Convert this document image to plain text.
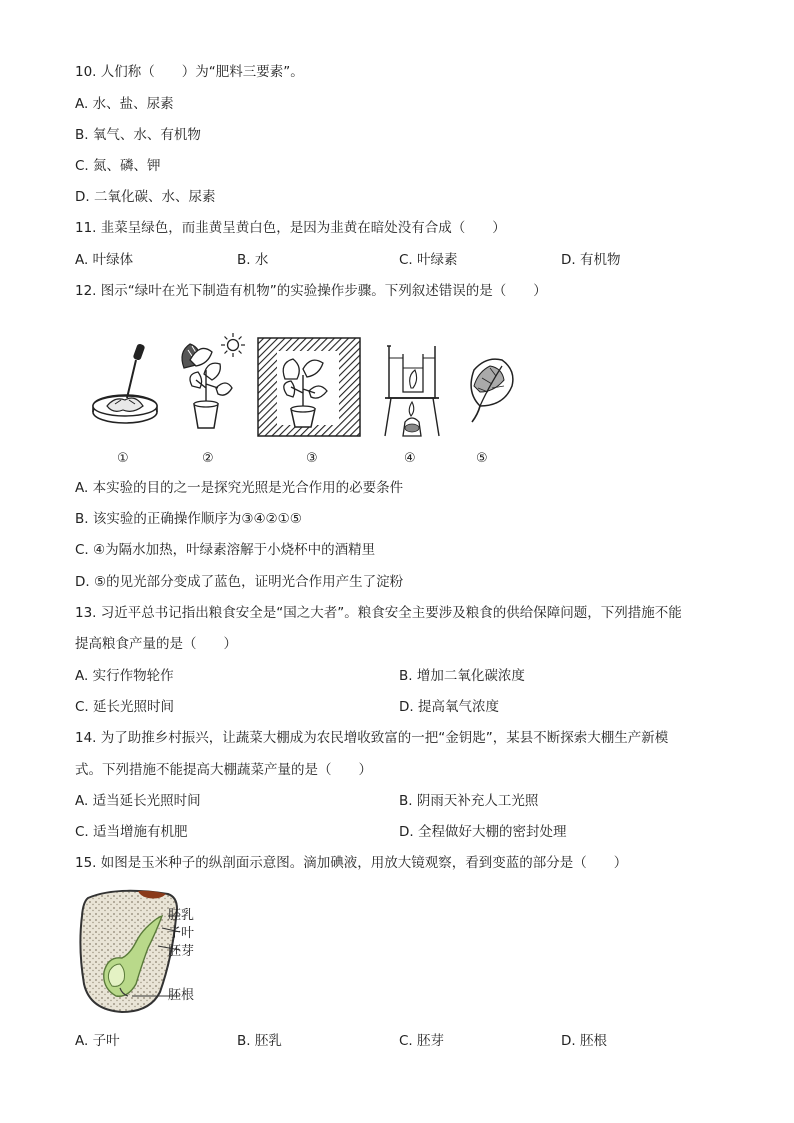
10. 人们称（　　）为“肥料三要素”。
A. 水、盐、尿素
B. 氧气、水、有机物
C. 氮、磷、钾
D. 二氧化碳、水、尿素
11. 韭菜呈绿色，而韭黄呈黄白色，是因为韭黄在暗处没有合成（　　）
A. 叶绿体	B. 水	C. 叶绿素	D. 有机物
12. 图示“绿叶在光下制造有机物”的实验操作步骤。下列叙述错误的是（　　）
①	②	③	④	⑤
A. 本实验的目的之一是探究光照是光合作用的必要条件
B. 该实验的正确操作顺序为③④②①⑤
C. ④为隔水加热，叶绿素溶解于小烧杯中的酒精里
D. ⑤的见光部分变成了蓝色，证明光合作用产生了淀粉
13. 习近平总书记指出粮食安全是“国之大者”。粮食安全主要涉及粮食的供给保障问题，下列措施不能
提高粮食产量的是（　　）
A. 实行作物轮作	B. 增加二氧化碳浓度
C. 延长光照时间	D. 提高氧气浓度
14. 为了助推乡村振兴，让蔬菜大棚成为农民增收致富的一把“金钥匙”，某县不断探索大棚生产新模
式。下列措施不能提高大棚蔬菜产量的是（　　）
A. 适当延长光照时间	B. 阴雨天补充人工光照
C. 适当增施有机肥	D. 全程做好大棚的密封处理
15. 如图是玉米种子的纵剖面示意图。滴加碘液，用放大镜观察，看到变蓝的部分是（　　）
胚乳
子叶
胚芽
胚根
A. 子叶	B. 胚乳	C. 胚芽	D. 胚根
